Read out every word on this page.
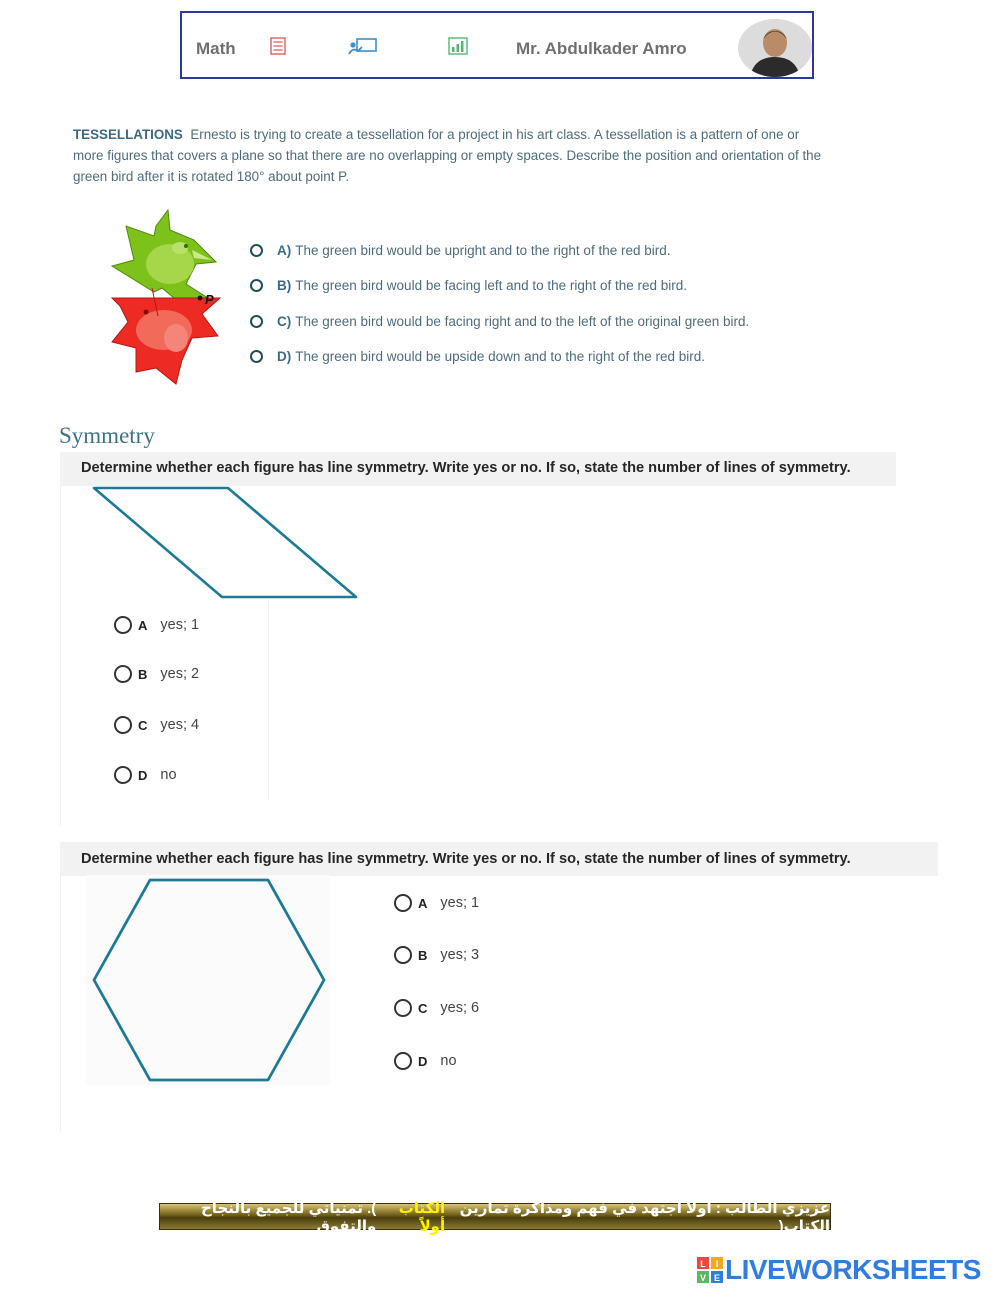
Math	Mr. Abdulkader Amro
TESSELLATIONS Ernesto is trying to create a tessellation for a project in his art class. A tessellation is a pattern of one or more figures that covers a plane so that there are no overlapping or empty spaces. Describe the position and orientation of the green bird after it is rotated 180° about point P.
P
A) The green bird would be upright and to the right of the red bird.
B) The green bird would be facing left and to the right of the red bird.
C) The green bird would be facing right and to the left of the original green bird.
D) The green bird would be upside down and to the right of the red bird.
Symmetry
Determine whether each figure has line symmetry. Write yes or no. If so, state the number of lines of symmetry.
A yes; 1
B yes; 2
C yes; 4
D no
Determine whether each figure has line symmetry. Write yes or no. If so, state the number of lines of symmetry.
A yes; 1
B yes; 3
C yes; 6
D no
عزيزي الطالب : أولاً اجتهد في فهم ومذاكرة تمارين الكتاب(
الكتاب أولاً
). تمنياتي للجميع بالنجاح والتفوق
L I
V E LIVEWORKSHEETS
